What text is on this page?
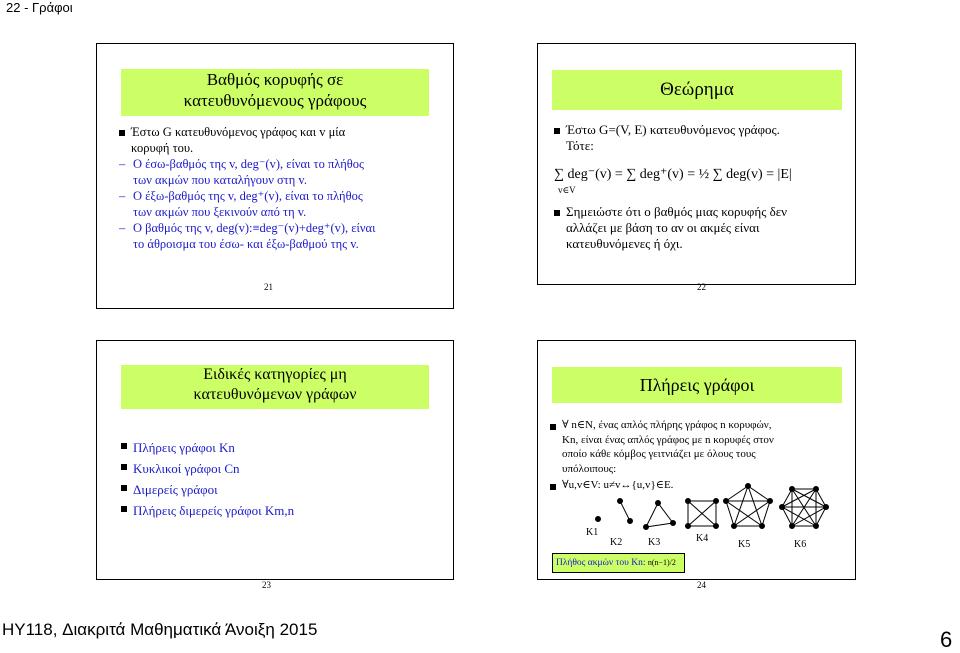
22 - Γράφοι
Βαθμός κορυφής σε
κατευθυνόμενους γράφους
Έστω G κατευθυνόμενος γράφος και v μία
κορυφή του.
– Ο έσω-βαθμός της v, deg⁻(v), είναι το πλήθος
των ακμών που καταλήγουν στη v.
– Ο έξω-βαθμός της v, deg⁺(v), είναι το πλήθος
των ακμών που ξεκινούν από τη v.
– Ο βαθμός της v, deg(v):≡deg⁻(v)+deg⁺(v), είναι
το άθροισμα του έσω- και έξω-βαθμού της v.
21
Θεώρημα
Έστω G=(V, E) κατευθυνόμενος γράφος.
Τότε:
∑ deg⁻(v) = ∑ deg⁺(v) = ½ ∑ deg(v) = |E|
v∈V
Σημειώστε ότι ο βαθμός μιας κορυφής δεν
αλλάζει με βάση το αν οι ακμές είναι
κατευθυνόμενες ή όχι.
22
Ειδικές κατηγορίες μη
κατευθυνόμενων γράφων
Πλήρεις γράφοι Kn
Κυκλικοί γράφοι Cn
Διμερείς γράφοι
Πλήρεις διμερείς γράφοι Km,n
23
Πλήρεις γράφοι
∀ n∈N, ένας απλός πλήρης γράφος n κορυφών,
Kn, είναι ένας απλός γράφος με n κορυφές στον
οποίο κάθε κόμβος γειτνιάζει με όλους τους
υπόλοιπους:
∀u,v∈V: u≠v↔{u,v}∈E.
K1
K2	K3	K4
K5	K6
Πλήθος ακμών του Kn: n(n−1)/2
24
HY118, Διακριτά Μαθηματικά Άνοιξη 2015	6
